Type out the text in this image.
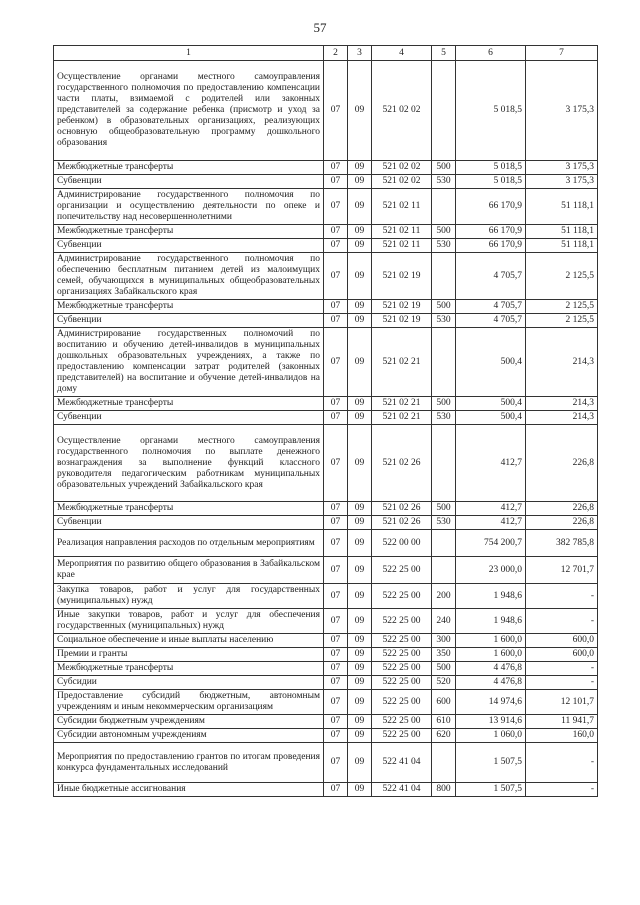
57
1	2	3	4	5	6	7
Осуществление органами местного самоуправления государственного полномочия по предоставлению компенсации части платы, взимаемой с родителей или законных представителей за содержание ребенка (присмотр и уход за ребенком) в образовательных организациях, реализующих основную общеобразовательную программу дошкольного образования	07	09	521 02 02		5 018,5	3 175,3
Межбюджетные трансферты	07	09	521 02 02	500	5 018,5	3 175,3
Субвенции	07	09	521 02 02	530	5 018,5	3 175,3
Администрирование государственного полномочия по организации и осуществлению деятельности по опеке и попечительству над несовершеннолетними	07	09	521 02 11		66 170,9	51 118,1
Межбюджетные трансферты	07	09	521 02 11	500	66 170,9	51 118,1
Субвенции	07	09	521 02 11	530	66 170,9	51 118,1
Администрирование государственного полномочия по обеспечению бесплатным питанием детей из малоимущих семей, обучающихся в муниципальных общеобразовательных организациях Забайкальского края	07	09	521 02 19		4 705,7	2 125,5
Межбюджетные трансферты	07	09	521 02 19	500	4 705,7	2 125,5
Субвенции	07	09	521 02 19	530	4 705,7	2 125,5
Администрирование государственных полномочий по воспитанию и обучению детей-инвалидов в муниципальных дошкольных образовательных учреждениях, а также по предоставлению компенсации затрат родителей (законных представителей) на воспитание и обучение детей-инвалидов на дому	07	09	521 02 21		500,4	214,3
Межбюджетные трансферты	07	09	521 02 21	500	500,4	214,3
Субвенции	07	09	521 02 21	530	500,4	214,3
Осуществление органами местного самоуправления государственного полномочия по выплате денежного вознаграждения за выполнение функций классного руководителя педагогическим работникам муниципальных образовательных учреждений Забайкальского края	07	09	521 02 26		412,7	226,8
Межбюджетные трансферты	07	09	521 02 26	500	412,7	226,8
Субвенции	07	09	521 02 26	530	412,7	226,8
Реализация направления расходов по отдельным мероприятиям	07	09	522 00 00		754 200,7	382 785,8
Мероприятия по развитию общего образования в Забайкальском крае	07	09	522 25 00		23 000,0	12 701,7
Закупка товаров, работ и услуг для государственных (муниципальных) нужд	07	09	522 25 00	200	1 948,6	-
Иные закупки товаров, работ и услуг для обеспечения государственных (муниципальных) нужд	07	09	522 25 00	240	1 948,6	-
Социальное обеспечение и иные выплаты населению	07	09	522 25 00	300	1 600,0	600,0
Премии и гранты	07	09	522 25 00	350	1 600,0	600,0
Межбюджетные трансферты	07	09	522 25 00	500	4 476,8	-
Субсидии	07	09	522 25 00	520	4 476,8	-
Предоставление субсидий бюджетным, автономным учреждениям и иным некоммерческим организациям	07	09	522 25 00	600	14 974,6	12 101,7
Субсидии бюджетным учреждениям	07	09	522 25 00	610	13 914,6	11 941,7
Субсидии автономным учреждениям	07	09	522 25 00	620	1 060,0	160,0
Мероприятия по предоставлению грантов по итогам проведения конкурса фундаментальных исследований	07	09	522 41 04		1 507,5	-
Иные бюджетные ассигнования	07	09	522 41 04	800	1 507,5	-
